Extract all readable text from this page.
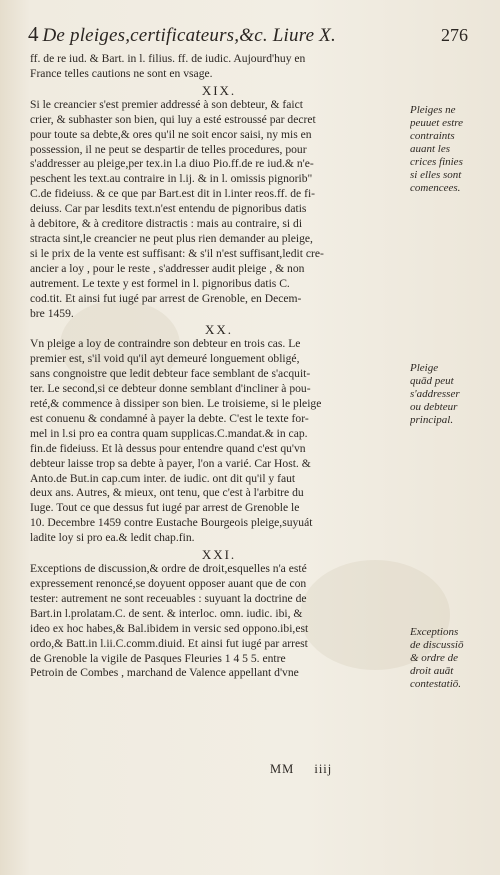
4 De pleiges,certificateurs,&c. Liure X.	276

ff. de re iud. & Bart. in l. filius. ff. de iudic. Aujourd'huy en
France telles cautions ne sont en vsage.

XIX.

Si le creancier s'est premier addressé à son debteur, & faict
crier, & subhaster son bien, qui luy a esté estroussé par decret
pour toute sa debte,& ores qu'il ne soit encor saisi, ny mis en
possession, il ne peut se despartir de telles procedures, pour
s'addresser au pleige,per tex.in l.a diuo Pio.ff.de re iud.& n'e-
peschent les text.au contraire in l.ij. & in l. omissis pignorib"
C.de fideiuss. & ce que par Bart.est dit in l.inter reos.ff. de fi-
deiuss. Car par lesdits text.n'est entendu de pignoribus datis
à debitore, & à creditore distractis : mais au contraire, si di
stracta sint,le creancier ne peut plus rien demander au pleige,
si le prix de la vente est suffisant: & s'il n'est suffisant,ledit cre-
ancier a loy , pour le reste , s'addresser audit pleige , & non
autrement. Le texte y est formel in l. pignoribus datis C.
cod.tit. Et ainsi fut iugé par arrest de Grenoble, en Decem-
bre 1459.

XX.

Vn pleige a loy de contraindre son debteur en trois cas. Le
premier est, s'il void qu'il ayt demeuré longuement obligé,
sans congnoistre que ledit debteur face semblant de s'acquit-
ter. Le second,si ce debteur donne semblant d'incliner à pou-
reté,& commence à dissiper son bien. Le troisieme, si le pleige
est conuenu & condamné à payer la debte. C'est le texte for-
mel in l.si pro ea contra quam supplicas.C.mandat.& in cap.
fin.de fideiuss. Et là dessus pour entendre quand c'est qu'vn
debteur laisse trop sa debte à payer, l'on a varié. Car Host. &
Anto.de But.in cap.cum inter. de iudic. ont dit qu'il y faut
deux ans. Autres, & mieux, ont tenu, que c'est à l'arbitre du
Iuge. Tout ce que dessus fut iugé par arrest de Grenoble le
10. Decembre 1459 contre Eustache Bourgeois pleige,suyuát
ladite loy si pro ea.& ledit chap.fin.

XXI.

Exceptions de discussion,& ordre de droit,esquelles n'a esté
expressement renoncé,se doyuent opposer auant que de con
tester: autrement ne sont receuables : suyuant la doctrine de
Bart.in l.prolatam.C. de sent. & interloc. omn. iudic. ibi, &
ideo ex hoc habes,& Bal.ibidem in versic sed oppono.ibi,est
ordo,& Batt.in l.ii.C.comm.diuid. Et ainsi fut iugé par arrest
de Grenoble la vigile de Pasques Fleuries 1 4 5 5. entre
Petroin de Combes , marchand de Valence appellant d'vne

Pleiges ne
peuuet estre
contraints
auant les
crices finies
si elles sont
comencees.
Pleige
quād peut
s'addresser
ou debteur
principal.
Exceptions
de discussiō
& ordre de
droit auāt
contestatiō.
MM iiij
